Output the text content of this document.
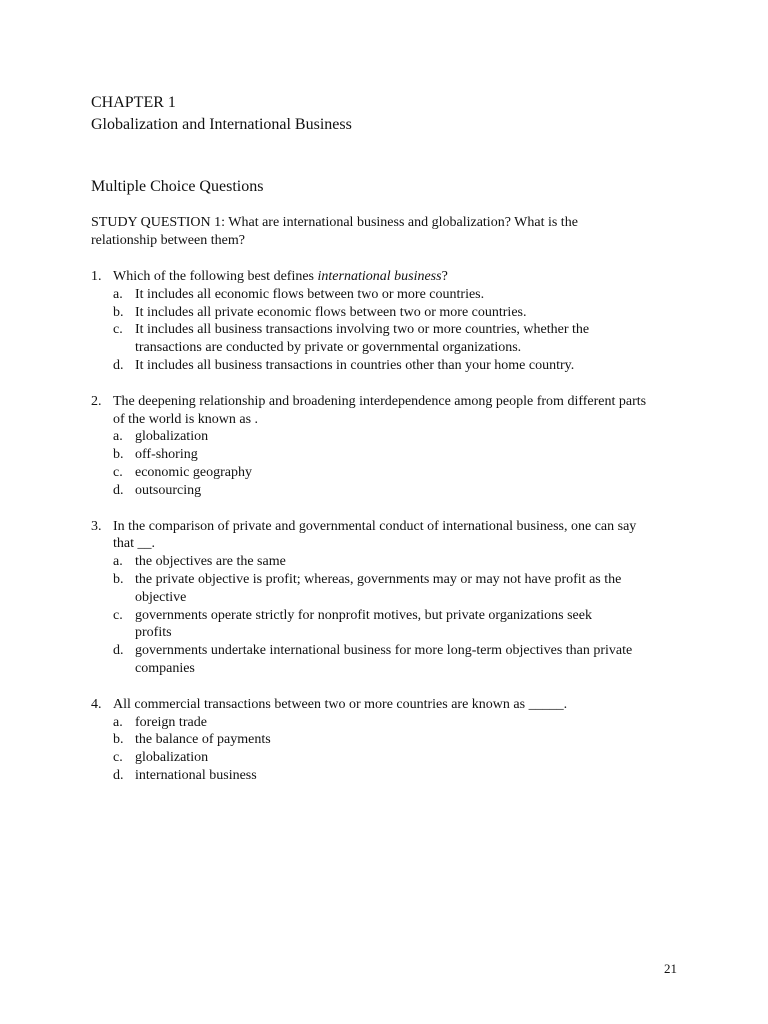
CHAPTER 1
Globalization and International Business
Multiple Choice Questions
STUDY QUESTION 1: What are international business and globalization? What is the relationship between them?
1. Which of the following best defines international business?
a. It includes all economic flows between two or more countries.
b. It includes all private economic flows between two or more countries.
c. It includes all business transactions involving two or more countries, whether the transactions are conducted by private or governmental organizations.
d. It includes all business transactions in countries other than your home country.
2. The deepening relationship and broadening interdependence among people from different parts of the world is known as .
a. globalization
b. off-shoring
c. economic geography
d. outsourcing
3. In the comparison of private and governmental conduct of international business, one can say that __.
a. the objectives are the same
b. the private objective is profit; whereas, governments may or may not have profit as the objective
c. governments operate strictly for nonprofit motives, but private organizations seek profits
d. governments undertake international business for more long-term objectives than private companies
4. All commercial transactions between two or more countries are known as _____.
a. foreign trade
b. the balance of payments
c. globalization
d. international business
21
